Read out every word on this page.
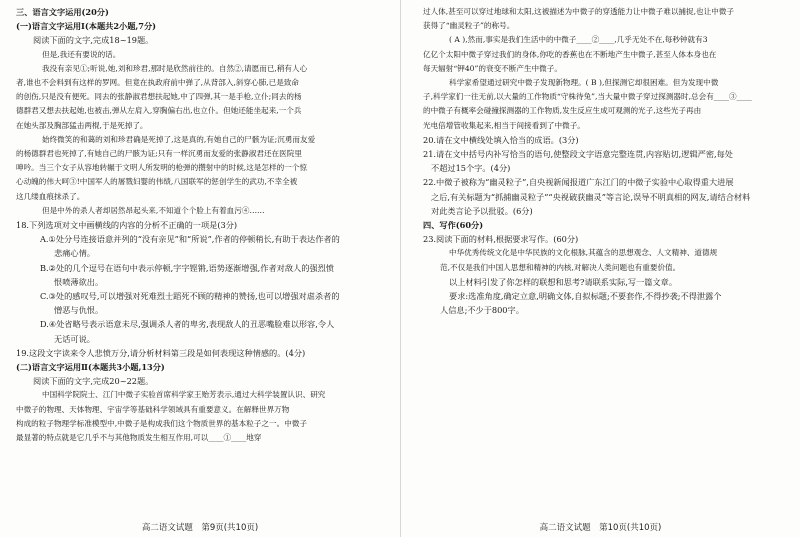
三、语言文字运用(20分)
(一)语言文字运用Ⅰ(本题共2小题,7分)
阅读下面的文字,完成18~19题。
但是,我还有要说的话。
我没有亲见①;听说,她,刘和珍君,那时是欣然前往的。自然②,请愿而已,稍有人心
者,谁也不会料到有这样的罗网。但竟在执政府前中弹了,从背部入,斜穿心肺,已是致命
的创伤,只是没有便死。同去的张静淑君想扶起她,中了四弹,其一是手枪,立仆;同去的杨
德群君又想去扶起她,也被击,弹从左肩入,穿胸偏右出,也立仆。但她还能坐起来,一个兵
在她头部及胸部猛击两棍,于是死掉了。
始终微笑的和蔼的刘和珍君确是死掉了,这是真的,有她自己的尸骸为证;沉勇而友爱
的杨德群君也死掉了,有她自己的尸骸为证;只有一样沉勇而友爱的张静淑君还在医院里
呻吟。当三个女子从容地转辗于文明人所发明的枪弹的攒射中的时候,这是怎样的一个惊
心动魄的伟大呵③!中国军人的屠戮妇婴的伟绩,八国联军的惩创学生的武功,不幸全被
这几缕血痕抹杀了。
但是中外的杀人者却居然昂起头来,不知道个个脸上有着血污④……
18.下列选项对文中画横线的内容的分析不正确的一项是(3分)
A.①处分号连接语意并列的“没有亲见”和“所说”,作者的停顿稍长,有助于表达作者的
悲痛心情。
B.②处的几个逗号在语句中表示停顿,字字铿锵,语势逐渐增强,作者对敌人的强烈愤
恨喷薄欲出。
C.③处的感叹号,可以增强对死难烈士蹈死不顾的精神的赞扬,也可以增强对虐杀者的
憎恶与仇恨。
D.④处省略号表示语意未尽,强调杀人者的卑劣,表现敌人的丑恶嘴脸难以形容,令人
无话可说。
19.这段文字读来令人悲愤万分,请分析材料第三段是如何表现这种情感的。(4分)
(二)语言文字运用Ⅱ(本题共3小题,13分)
阅读下面的文字,完成20~22题。
中国科学院院士、江门中微子实验首席科学家王贻芳表示,通过大科学装置认识、研究
中微子的物理、天体物理、宇宙学等基础科学领域具有重要意义。在解释世界万物
构成的粒子物理学标准模型中,中微子是构成我们这个物质世界的基本粒子之一。中微子
最显著的特点就是它几乎不与其他物质发生相互作用,可以____①____地穿
高二语文试题　第9页(共10页)
过人体,甚至可以穿过地球和太阳,这被描述为中微子的穿透能力让中微子难以捕捉,也让中微子
获得了“幽灵粒子”的称号。
( A ),然而,事实是我们生活中的中微子____②____,几乎无处不在,每秒钟就有3
亿亿个太阳中微子穿过我们的身体,你吃的香蕉也在不断地产生中微子,甚至人体本身也在
每天辐射“钾40”的衰变不断产生中微子。
科学家希望通过研究中微子发现新物理。( B ),但探测它却很困难。但为发现中微
子,科学家们一往无前,以大量的工作物质“守株待兔”,当大量中微子穿过探测器时,总会有____③____
的中微子有概率会碰撞探测器的工作物质,发生反应生成可观测的光子,这些光子再由
光电倍增管收集起来,相当于间接看到了中微子。
20.请在文中横线处填入恰当的成语。(3分)
21.请在文中括号内补写恰当的语句,使整段文字语意完整连贯,内容贴切,逻辑严密,每处
不超过15个字。(4分)
22.中微子被称为“幽灵粒子”,自央视新闻报道广东江门的中微子实验中心取得重大进展
之后,有关标题为“抓捕幽灵粒子”“央视破获幽灵”等言论,误导不明真相的网友,请结合材料
对此类言论予以批驳。(6分)
四、写作(60分)
23.阅读下面的材料,根据要求写作。(60分)
中华优秀传统文化是中华民族的文化根脉,其蕴含的思想观念、人文精神、道德规
范,不仅是我们中国人思想和精神的内核,对解决人类问题也有重要价值。
以上材料引发了你怎样的联想和思考?请联系实际,写一篇文章。
要求:选准角度,确定立意,明确文体,自拟标题;不要套作,不得抄袭;不得泄露个
人信息;不少于800字。
高二语文试题　第10页(共10页)
